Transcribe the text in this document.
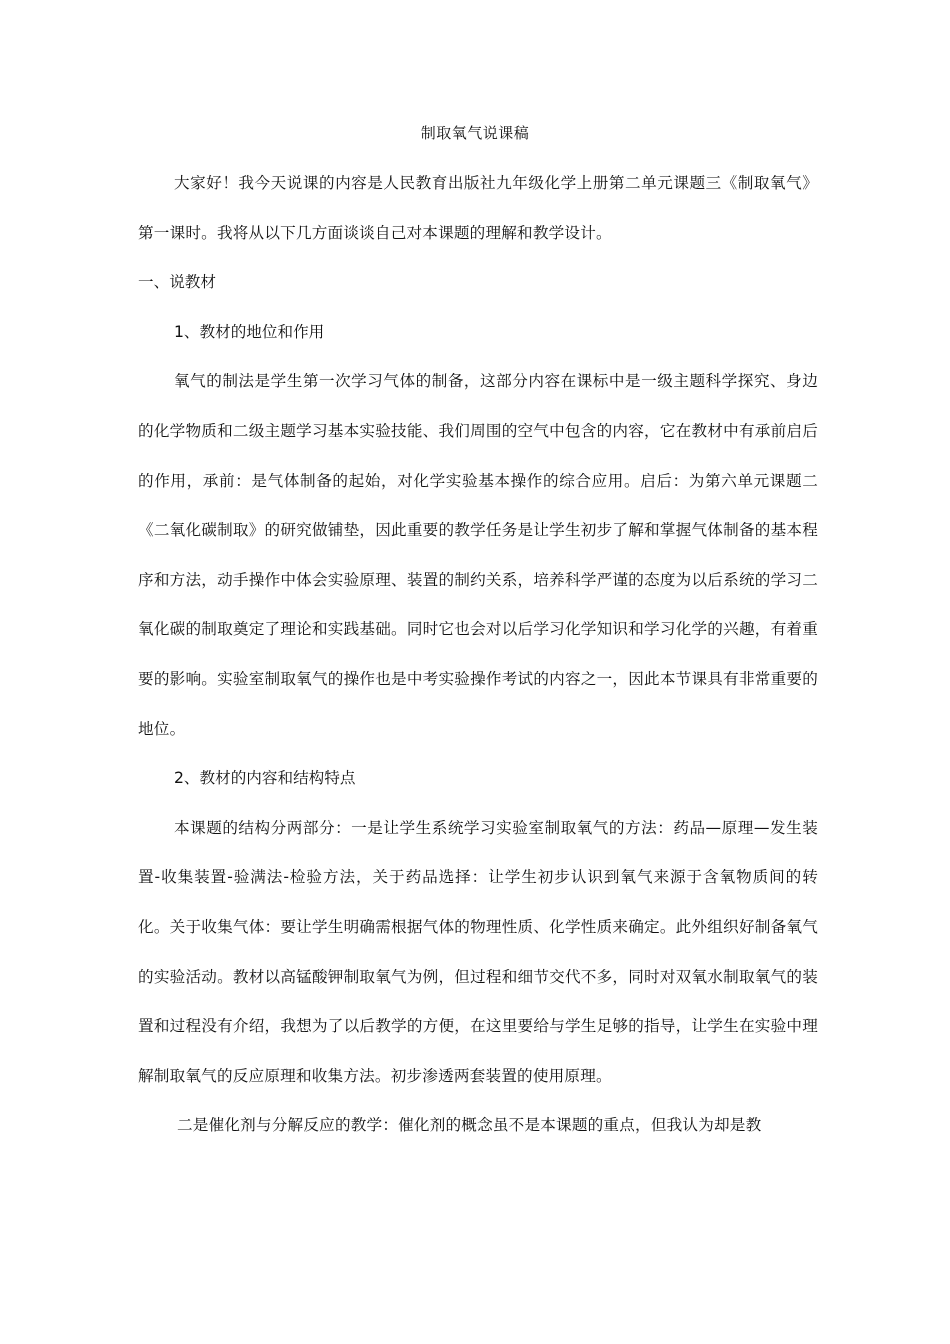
制取氧气说课稿

大家好！我今天说课的内容是人民教育出版社九年级化学上册第二单元课题三《制取氧气》第一课时。我将从以下几方面谈谈自己对本课题的理解和教学设计。

一、说教材

1、教材的地位和作用

氧气的制法是学生第一次学习气体的制备，这部分内容在课标中是一级主题科学探究、身边的化学物质和二级主题学习基本实验技能、我们周围的空气中包含的内容，它在教材中有承前启后的作用，承前：是气体制备的起始，对化学实验基本操作的综合应用。启后：为第六单元课题二《二氧化碳制取》的研究做铺垫，因此重要的教学任务是让学生初步了解和掌握气体制备的基本程序和方法，动手操作中体会实验原理、装置的制约关系，培养科学严谨的态度为以后系统的学习二氧化碳的制取奠定了理论和实践基础。同时它也会对以后学习化学知识和学习化学的兴趣，有着重要的影响。实验室制取氧气的操作也是中考实验操作考试的内容之一，因此本节课具有非常重要的地位。

2、教材的内容和结构特点

本课题的结构分两部分：一是让学生系统学习实验室制取氧气的方法：药品—原理—发生装置-收集装置-验满法-检验方法，关于药品选择：让学生初步认识到氧气来源于含氧物质间的转化。关于收集气体：要让学生明确需根据气体的物理性质、化学性质来确定。此外组织好制备氧气的实验活动。教材以高锰酸钾制取氧气为例，但过程和细节交代不多，同时对双氧水制取氧气的装置和过程没有介绍，我想为了以后教学的方便，在这里要给与学生足够的指导，让学生在实验中理解制取氧气的反应原理和收集方法。初步渗透两套装置的使用原理。

二是催化剂与分解反应的教学：催化剂的概念虽不是本课题的重点，但我认为却是教
